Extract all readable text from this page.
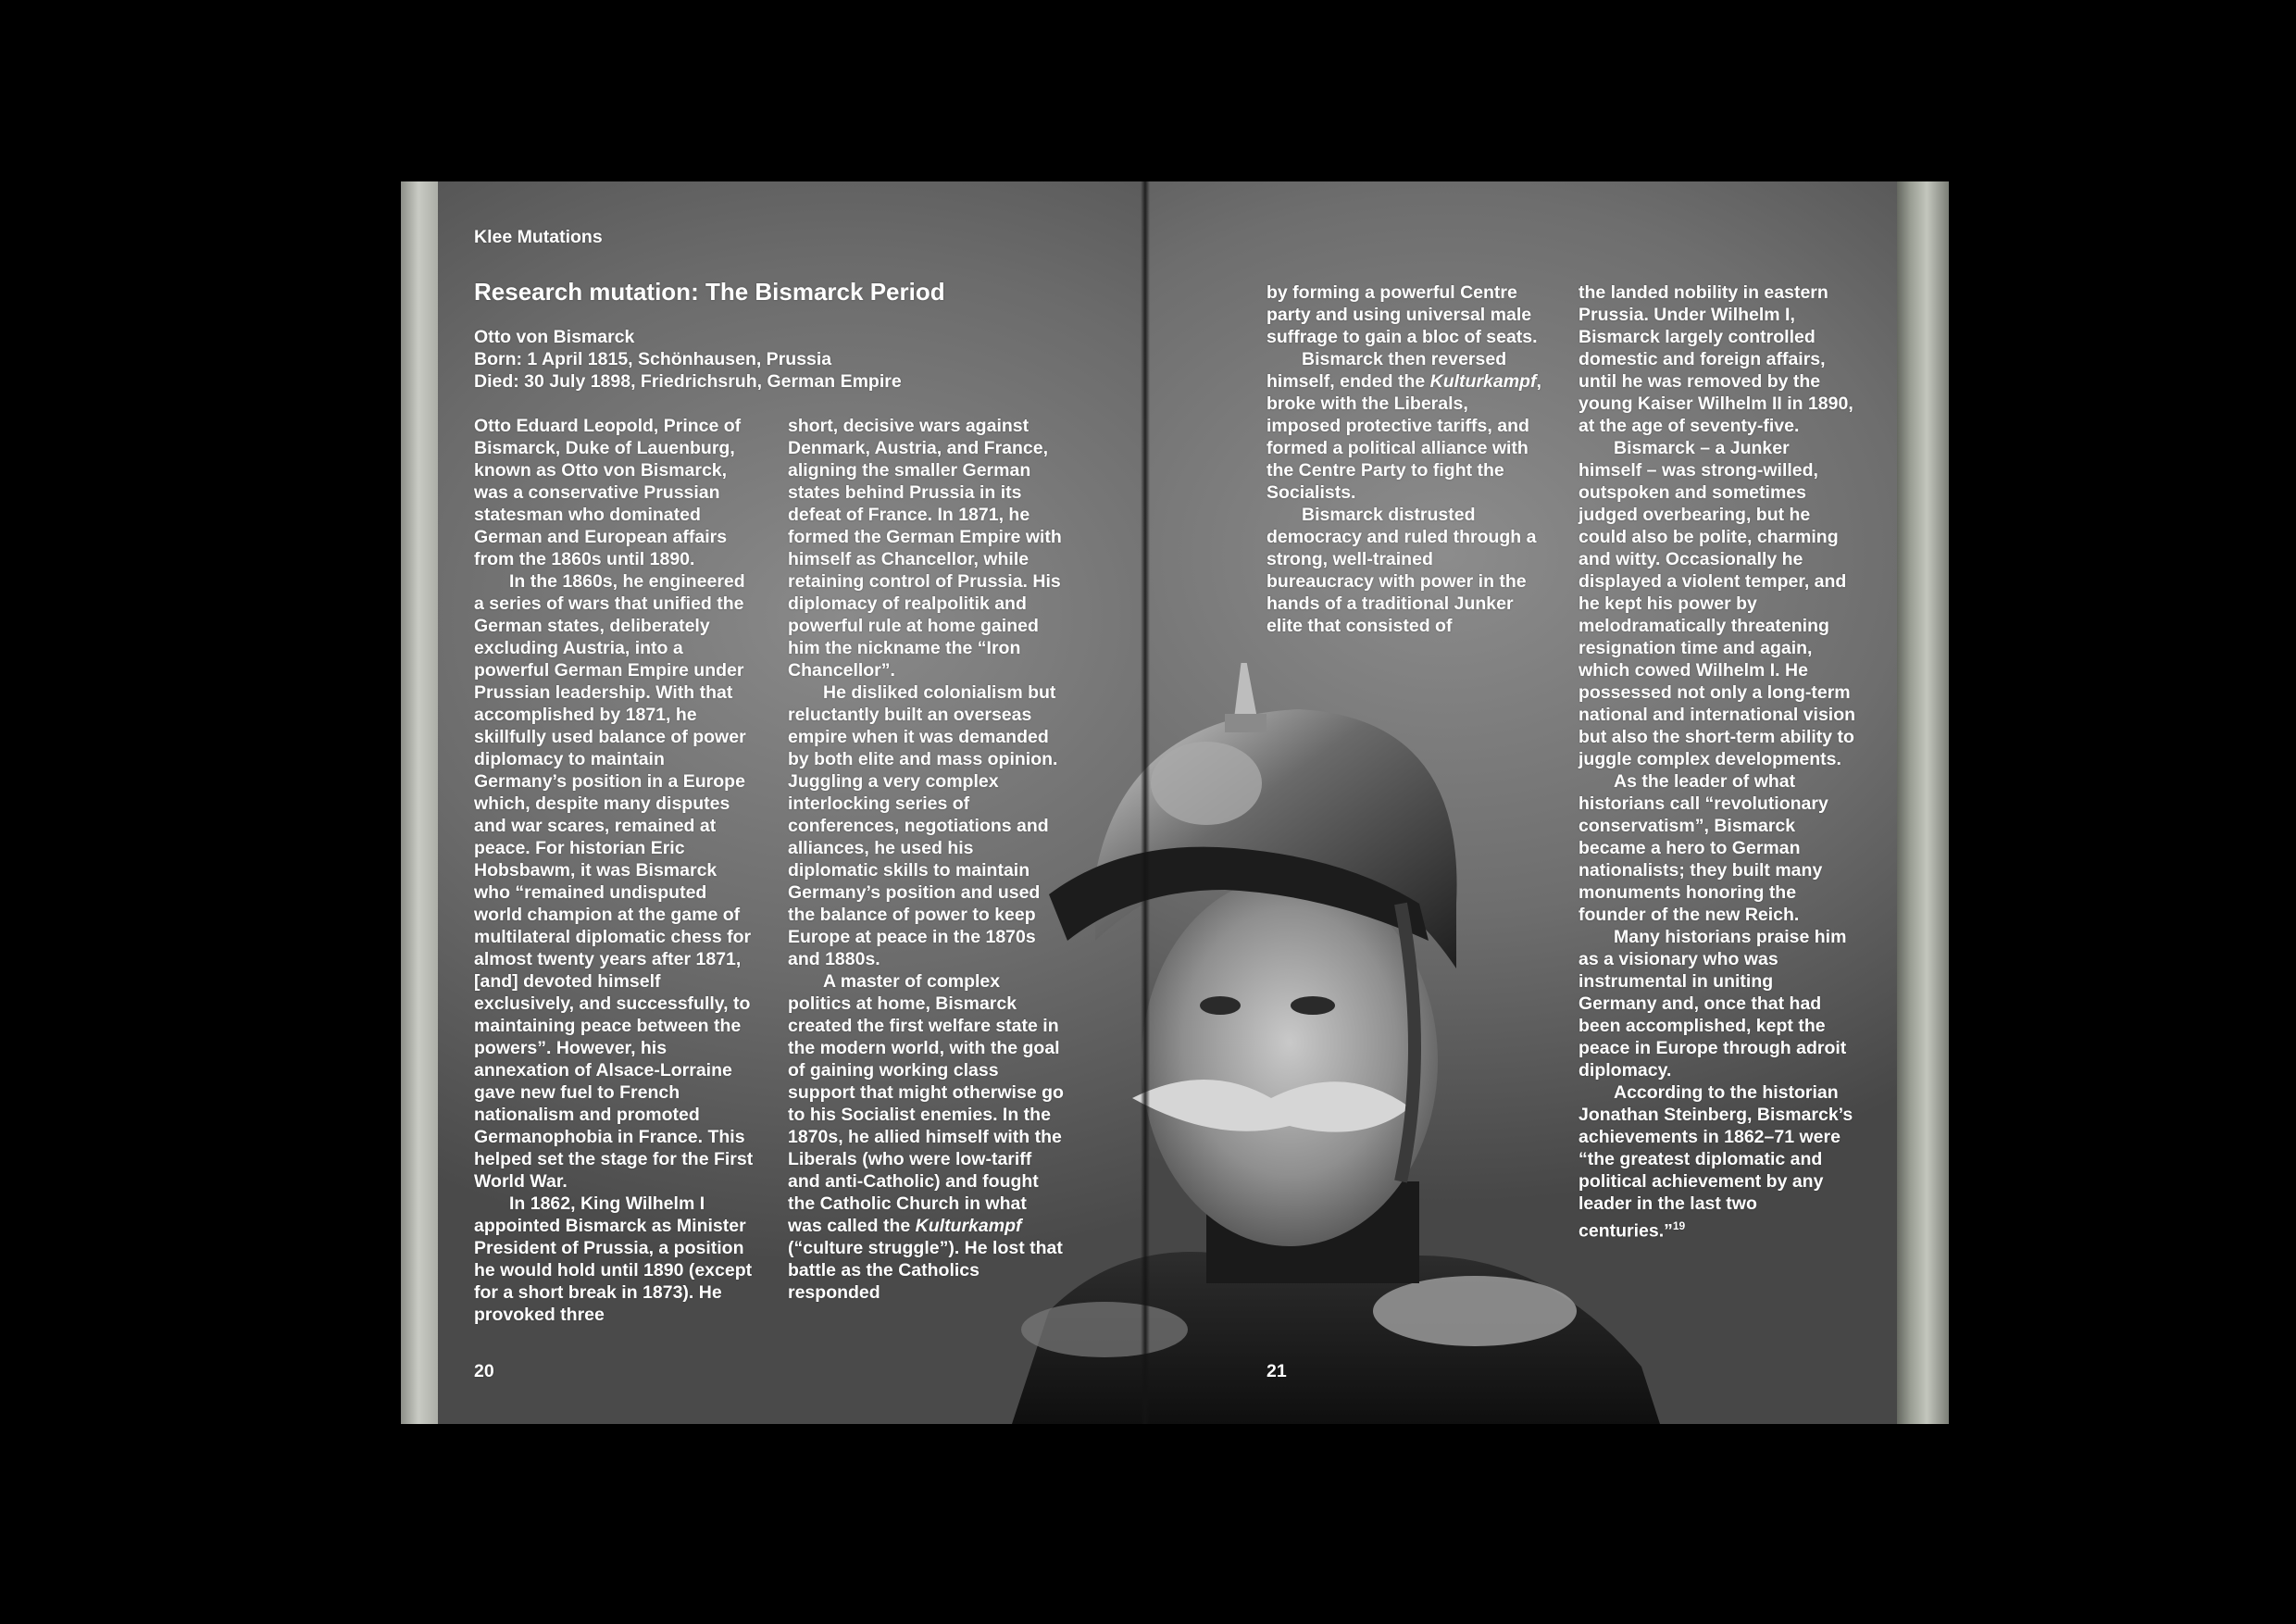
Klee Mutations
Research mutation: The Bismarck Period
Otto von Bismarck
Born: 1 April 1815, Schönhausen, Prussia
Died: 30 July 1898, Friedrichsruh, German Empire

Otto Eduard Leopold, Prince of Bismarck, Duke of Lauenburg, known as Otto von Bismarck, was a conservative Prussian statesman who dominated German and European affairs from the 1860s until 1890.

In the 1860s, he engineered a series of wars that unified the German states, deliberately excluding Austria, into a powerful German Empire under Prussian leadership. With that accomplished by 1871, he skillfully used balance of power diplomacy to maintain Germany’s position in a Europe which, despite many disputes and war scares, remained at peace. For historian Eric Hobsbawm, it was Bismarck who “remained undisputed world champion at the game of multilateral diplomatic chess for almost twenty years after 1871, [and] devoted himself exclusively, and successfully, to maintaining peace between the powers”. However, his annexation of Alsace-Lorraine gave new fuel to French nationalism and promoted Germanophobia in France. This helped set the stage for the First World War.

In 1862, King Wilhelm I appointed Bismarck as Minister President of Prussia, a position he would hold until 1890 (except for a short break in 1873). He provoked three

short, decisive wars against Denmark, Austria, and France, aligning the smaller German states behind Prussia in its defeat of France. In 1871, he formed the German Empire with himself as Chancellor, while retaining control of Prussia. His diplomacy of realpolitik and powerful rule at home gained him the nickname the “Iron Chancellor”.

He disliked colonialism but reluctantly built an overseas empire when it was demanded by both elite and mass opinion. Juggling a very complex interlocking series of conferences, negotiations and alliances, he used his diplomatic skills to maintain Germany’s position and used the balance of power to keep Europe at peace in the 1870s and 1880s.

A master of complex politics at home, Bismarck created the first welfare state in the modern world, with the goal of gaining working class support that might otherwise go to his Socialist enemies. In the 1870s, he allied himself with the Liberals (who were low-tariff and anti-Catholic) and fought the Catholic Church in what was called the Kulturkampf (“culture struggle”). He lost that battle as the Catholics responded

by forming a powerful Centre party and using universal male suffrage to gain a bloc of seats.

Bismarck then reversed himself, ended the Kulturkampf, broke with the Liberals, imposed protective tariffs, and formed a political alliance with the Centre Party to fight the Socialists.

Bismarck distrusted democracy and ruled through a strong, well-trained bureaucracy with power in the hands of a traditional Junker elite that consisted of

the landed nobility in eastern Prussia. Under Wilhelm I, Bismarck largely controlled domestic and foreign affairs, until he was removed by the young Kaiser Wilhelm II in 1890, at the age of seventy-five.

Bismarck – a Junker himself – was strong-willed, outspoken and sometimes judged overbearing, but he could also be polite, charming and witty. Occasionally he displayed a violent temper, and he kept his power by melodramatically threatening resignation time and again, which cowed Wilhelm I. He possessed not only a long-term national and international vision but also the short-term ability to juggle complex developments.

As the leader of what historians call “revolutionary conservatism”, Bismarck became a hero to German nationalists; they built many monuments honoring the founder of the new Reich.

Many historians praise him as a visionary who was instrumental in uniting Germany and, once that had been accomplished, kept the peace in Europe through adroit diplomacy.

According to the historian Jonathan Steinberg, Bismarck’s achievements in 1862–71 were “the greatest diplomatic and political achievement by any leader in the last two centuries.”$^{19}$

20	21
